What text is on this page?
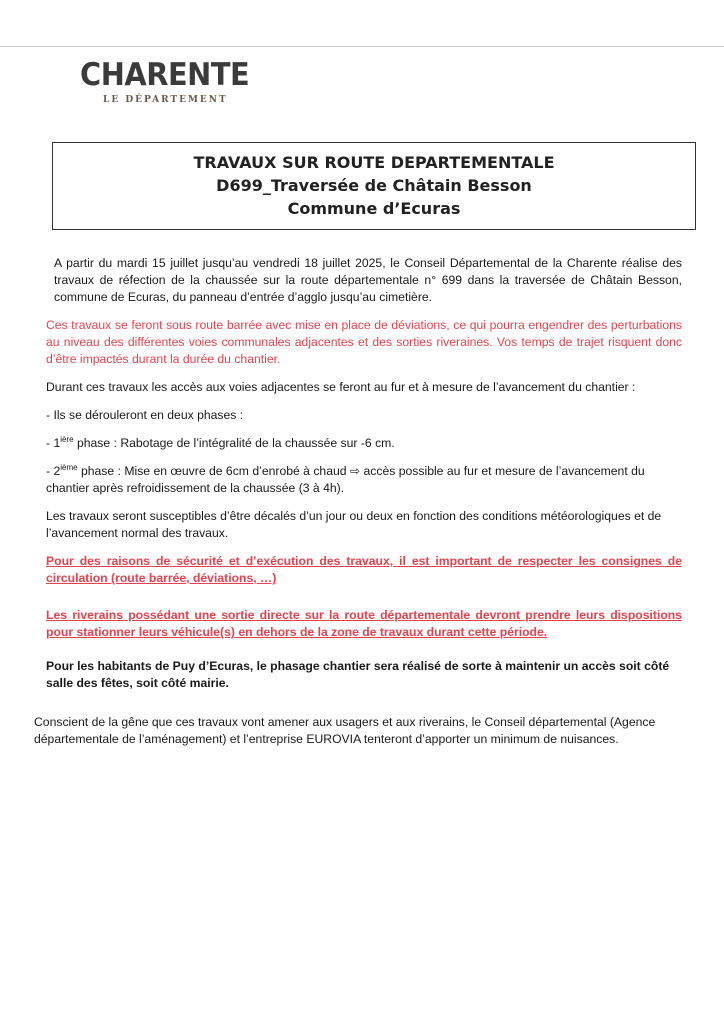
CHARENTE
LE DÉPARTEMENT
TRAVAUX SUR ROUTE DEPARTEMENTALE
D699_Traversée de Châtain Besson
Commune d’Ecuras

A partir du mardi 15 juillet jusqu’au vendredi 18 juillet 2025, le Conseil Départemental de la Charente réalise des travaux de réfection de la chaussée sur la route départementale n° 699 dans la traversée de Châtain Besson, commune de Ecuras, du panneau d’entrée d’agglo jusqu’au cimetière.

Ces travaux se feront sous route barrée avec mise en place de déviations, ce qui pourra engendrer des perturbations au niveau des différentes voies communales adjacentes et des sorties riveraines. Vos temps de trajet risquent donc d’être impactés durant la durée du chantier.

Durant ces travaux les accès aux voies adjacentes se feront au fur et à mesure de l’avancement du chantier :

- Ils se dérouleront en deux phases :

- $1^{ière}$ phase : Rabotage de l’intégralité de la chaussée sur -6 cm.

- 2ième phase : Mise en œuvre de 6cm d’enrobé à chaud ⇨ accès possible au fur et mesure de l’avancement du chantier après refroidissement de la chaussée (3 à 4h).

Les travaux seront susceptibles d’être décalés d’un jour ou deux en fonction des conditions météorologiques et de l’avancement normal des travaux.

Pour des raisons de sécurité et d’exécution des travaux, il est important de respecter les consignes de circulation (route barrée, déviations, …)

Les riverains possédant une sortie directe sur la route départementale devront prendre leurs dispositions pour stationner leurs véhicule(s) en dehors de la zone de travaux durant cette période.

Pour les habitants de Puy d’Ecuras, le phasage chantier sera réalisé de sorte à maintenir un accès soit côté salle des fêtes, soit côté mairie.

Conscient de la gêne que ces travaux vont amener aux usagers et aux riverains, le Conseil départemental (Agence départementale de l’aménagement) et l’entreprise EUROVIA tenteront d’apporter un minimum de nuisances.
